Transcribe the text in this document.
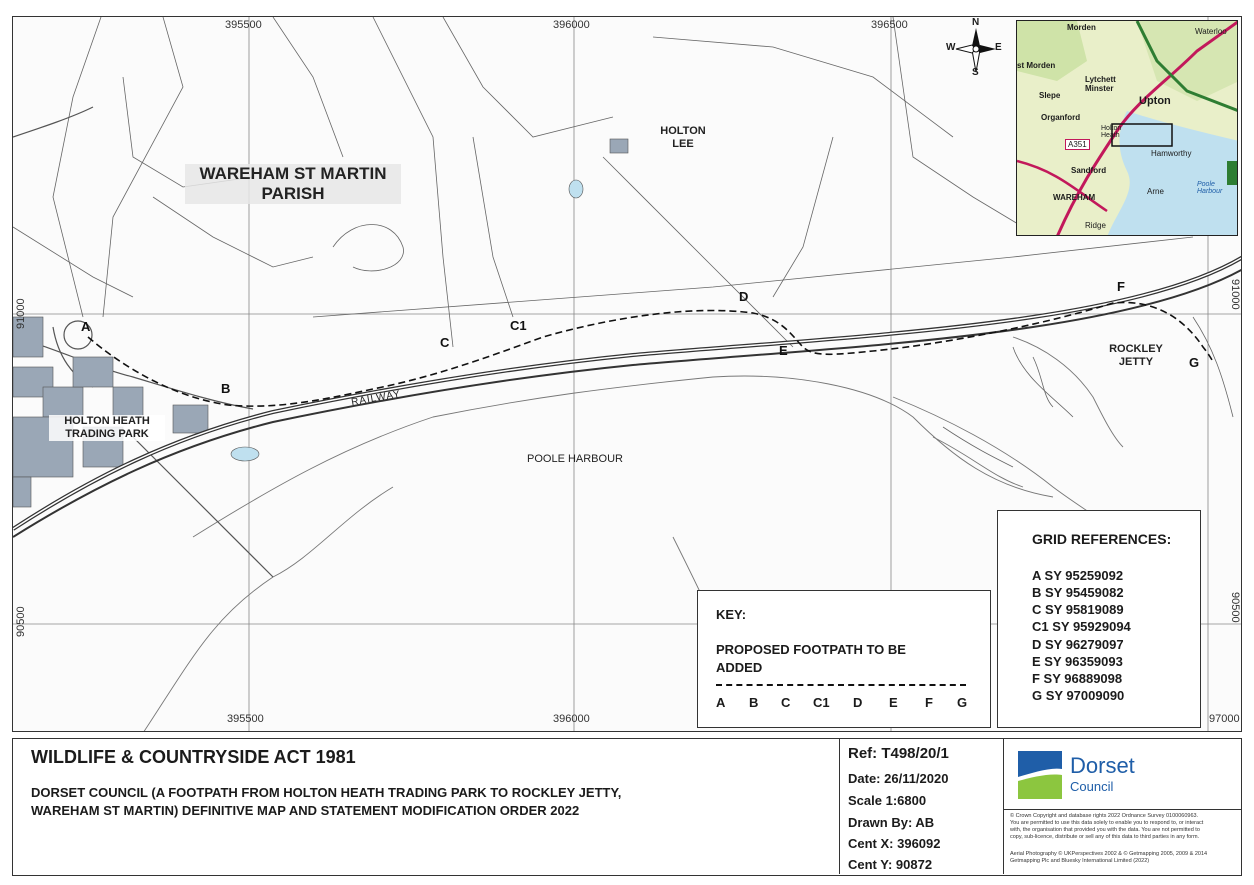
395500	396000	396500
395500	396000	97000
91000
90500
91000
90500
WAREHAM ST MARTIN
PARISH
HOLTON
LEE
HOLTON HEATH
TRADING PARK
ROCKLEY
JETTY
POOLE HARBOUR
RAILWAY
A
B
C
C1
D
E
F
G
N
S
W	E
Morden
Lytchett
Minster
Slepe	Upton
Organford
Holton
Heath
A351
Hamworthy
Sandford
Arne
Poole
Harbour
WAREHAM
Ridge
Waterloo
st Morden
KEY:
PROPOSED FOOTPATH TO BE
ADDED
A B C C1 D E F G
GRID REFERENCES:
A SY 95259092
B SY 95459082
C SY 95819089
C1 SY 95929094
D SY 96279097
E SY 96359093
F SY 96889098
G SY 97009090
WILDLIFE & COUNTRYSIDE ACT 1981
DORSET COUNCIL (A FOOTPATH FROM HOLTON HEATH TRADING PARK TO ROCKLEY JETTY,
WAREHAM ST MARTIN) DEFINITIVE MAP AND STATEMENT MODIFICATION ORDER 2022
Ref: T498/20/1
Date: 26/11/2020
Scale 1:6800
Drawn By: AB
Cent X: 396092
Cent Y: 90872
Dorset
Council
© Crown Copyright and database rights 2022 Ordnance Survey 0100060963.
You are permitted to use this data solely to enable you to respond to, or interact
with, the organisation that provided you with the data. You are not permitted to
copy, sub-licence, distribute or sell any of this data to third parties in any form.
Aerial Photography © UKPerspectives 2002 & © Getmapping 2005, 2009 & 2014
Getmapping Plc and Bluesky International Limited (2022)
